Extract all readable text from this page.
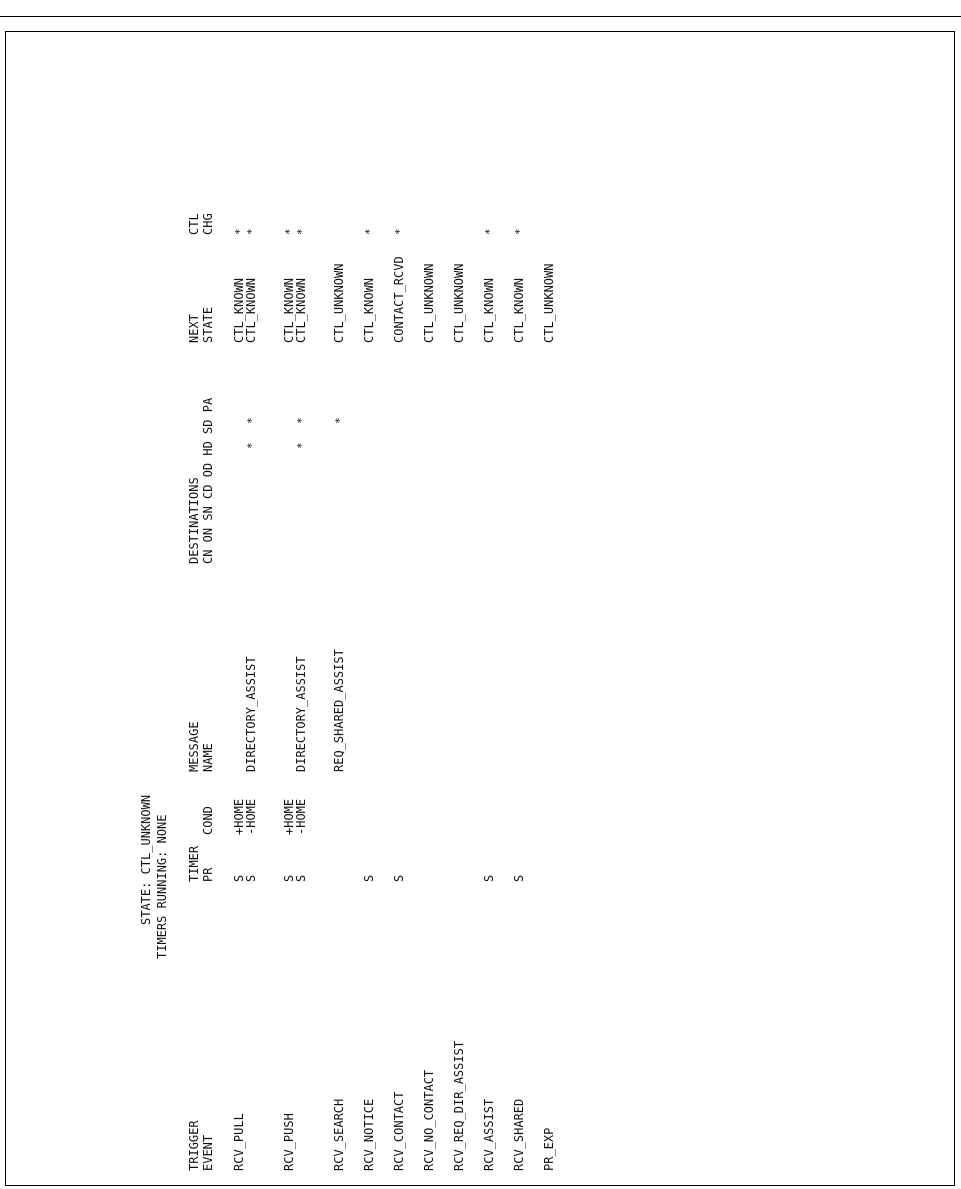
STATE: CTL_UNKNOWN TIMERS RUNNING: NONE
TRIGGER EVENT
COND
TIMER PR
MESSAGE NAME
DESTINATIONS CN ON SN CD OD HD SD PA
NEXT STATE
CTL CHG
RCV_PULL
+HOME
S
CTL_KNOWN
*
-HOME
S
DIRECTORY_ASSIST
*
*
CTL_KNOWN
*
RCV_PUSH
+HOME
S
CTL_KNOWN
*
-HOME
S
DIRECTORY_ASSIST
*
*
CTL_KNOWN
*
RCV_SEARCH
REQ_SHARED_ASSIST
*
CTL_UNKNOWN
RCV_NOTICE
S
CTL_KNOWN
*
RCV_CONTACT
S
CONTACT_RCVD
*
RCV_NO_CONTACT
CTL_UNKNOWN
RCV_REQ_DIR_ASSIST
CTL_UNKNOWN
RCV_ASSIST
S
CTL_KNOWN
*
RCV_SHARED
S
CTL_KNOWN
*
PR_EXP
CTL_UNKNOWN
